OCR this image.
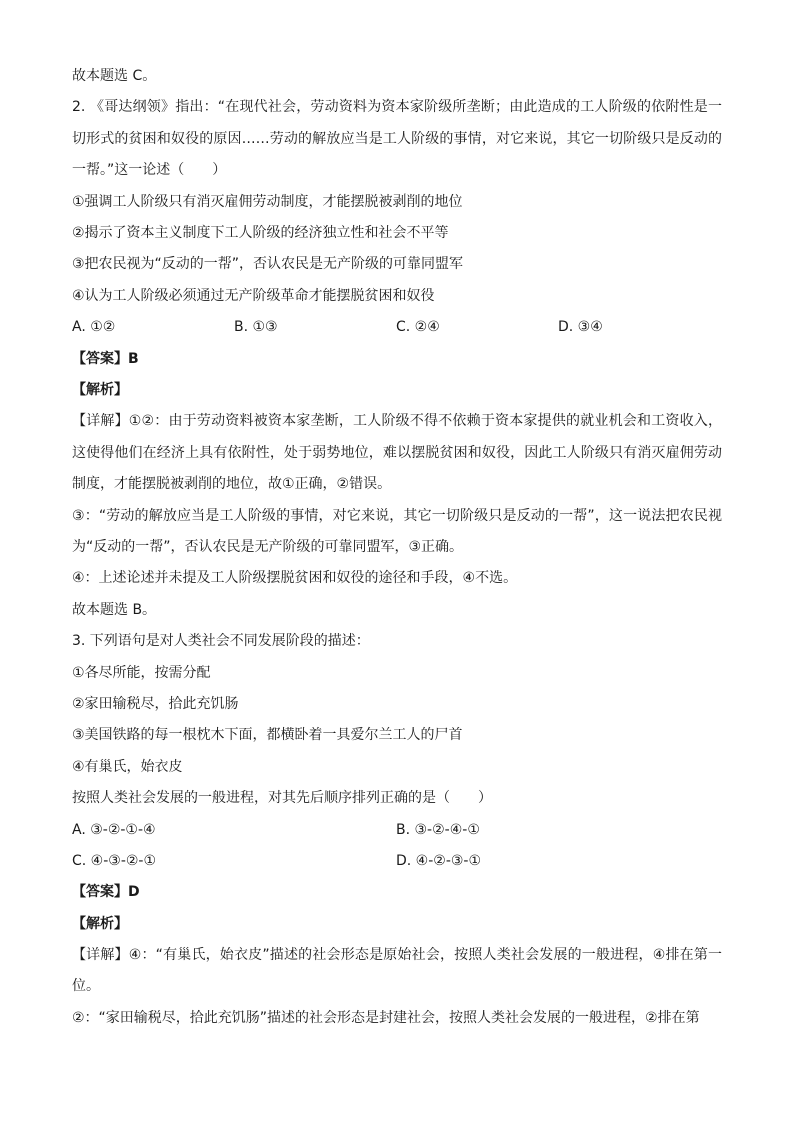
故本题选 C。
2. 《哥达纲领》指出：“在现代社会，劳动资料为资本家阶级所垄断；由此造成的工人阶级的依附性是一切形式的贫困和奴役的原因……劳动的解放应当是工人阶级的事情，对它来说，其它一切阶级只是反动的一帮。”这一论述（　　）
①强调工人阶级只有消灭雇佣劳动制度，才能摆脱被剥削的地位
②揭示了资本主义制度下工人阶级的经济独立性和社会不平等
③把农民视为“反动的一帮”，否认农民是无产阶级的可靠同盟军
④认为工人阶级必须通过无产阶级革命才能摆脱贫困和奴役
A. ①②	B. ①③	C. ②④	D. ③④
【答案】B
【解析】
【详解】①②：由于劳动资料被资本家垄断，工人阶级不得不依赖于资本家提供的就业机会和工资收入，这使得他们在经济上具有依附性，处于弱势地位，难以摆脱贫困和奴役，因此工人阶级只有消灭雇佣劳动制度，才能摆脱被剥削的地位，故①正确，②错误。
③：“劳动的解放应当是工人阶级的事情，对它来说，其它一切阶级只是反动的一帮”，这一说法把农民视为“反动的一帮”，否认农民是无产阶级的可靠同盟军，③正确。
④：上述论述并未提及工人阶级摆脱贫困和奴役的途径和手段，④不选。
故本题选 B。
3. 下列语句是对人类社会不同发展阶段的描述：
①各尽所能，按需分配
②家田输税尽，拾此充饥肠
③美国铁路的每一根枕木下面，都横卧着一具爱尔兰工人的尸首
④有巢氏，始衣皮
按照人类社会发展的一般进程，对其先后顺序排列正确的是（　　）
A. ③-②-①-④	B. ③-②-④-①
C. ④-③-②-①	D. ④-②-③-①
【答案】D
【解析】
【详解】④：“有巢氏，始衣皮”描述的社会形态是原始社会，按照人类社会发展的一般进程，④排在第一位。
②：“家田输税尽，拾此充饥肠”描述的社会形态是封建社会，按照人类社会发展的一般进程，②排在第
